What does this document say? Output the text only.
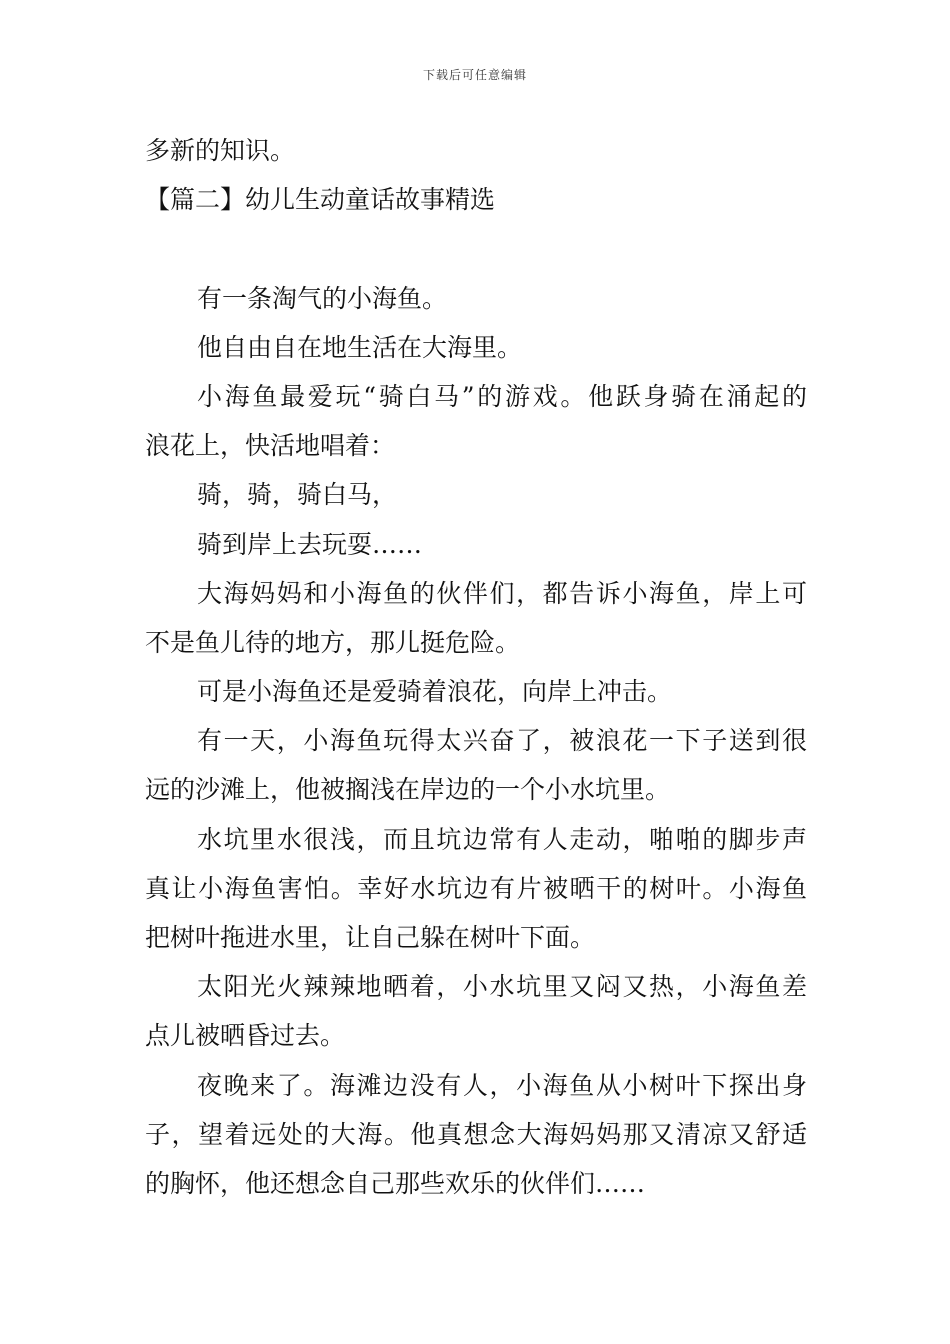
下载后可任意编辑
多新的知识。
【篇二】幼儿生动童话故事精选
有一条淘气的小海鱼。
他自由自在地生活在大海里。
小海鱼最爱玩“骑白马”的游戏。他跃身骑在涌起的
浪花上，快活地唱着：
骑，骑，骑白马，
骑到岸上去玩耍……
大海妈妈和小海鱼的伙伴们，都告诉小海鱼，岸上可
不是鱼儿待的地方，那儿挺危险。
可是小海鱼还是爱骑着浪花，向岸上冲击。
有一天，小海鱼玩得太兴奋了，被浪花一下子送到很
远的沙滩上，他被搁浅在岸边的一个小水坑里。
水坑里水很浅，而且坑边常有人走动，啪啪的脚步声
真让小海鱼害怕。幸好水坑边有片被晒干的树叶。小海鱼
把树叶拖进水里，让自己躲在树叶下面。
太阳光火辣辣地晒着，小水坑里又闷又热，小海鱼差
点儿被晒昏过去。
夜晚来了。海滩边没有人，小海鱼从小树叶下探出身
子，望着远处的大海。他真想念大海妈妈那又清凉又舒适
的胸怀，他还想念自己那些欢乐的伙伴们……
